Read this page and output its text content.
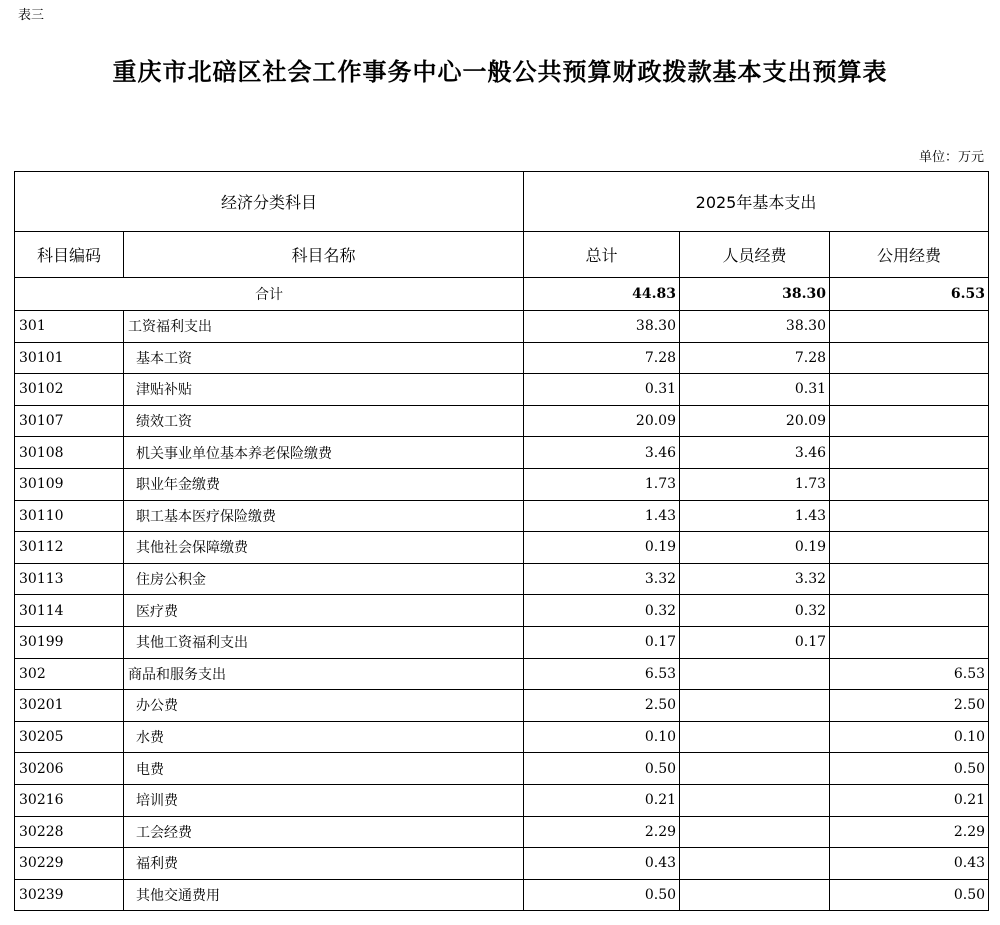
表三
重庆市北碚区社会工作事务中心一般公共预算财政拨款基本支出预算表
单位：万元
经济分类科目		2025年基本支出		
科目编码	科目名称	总计	人员经费	公用经费
合计		44.83	38.30	6.53
301	工资福利支出	38.30	38.30	
30101	基本工资	7.28	7.28	
30102	津贴补贴	0.31	0.31	
30107	绩效工资	20.09	20.09	
30108	机关事业单位基本养老保险缴费	3.46	3.46	
30109	职业年金缴费	1.73	1.73	
30110	职工基本医疗保险缴费	1.43	1.43	
30112	其他社会保障缴费	0.19	0.19	
30113	住房公积金	3.32	3.32	
30114	医疗费	0.32	0.32	
30199	其他工资福利支出	0.17	0.17	
302	商品和服务支出	6.53		6.53
30201	办公费	2.50		2.50
30205	水费	0.10		0.10
30206	电费	0.50		0.50
30216	培训费	0.21		0.21
30228	工会经费	2.29		2.29
30229	福利费	0.43		0.43
30239	其他交通费用	0.50		0.50
